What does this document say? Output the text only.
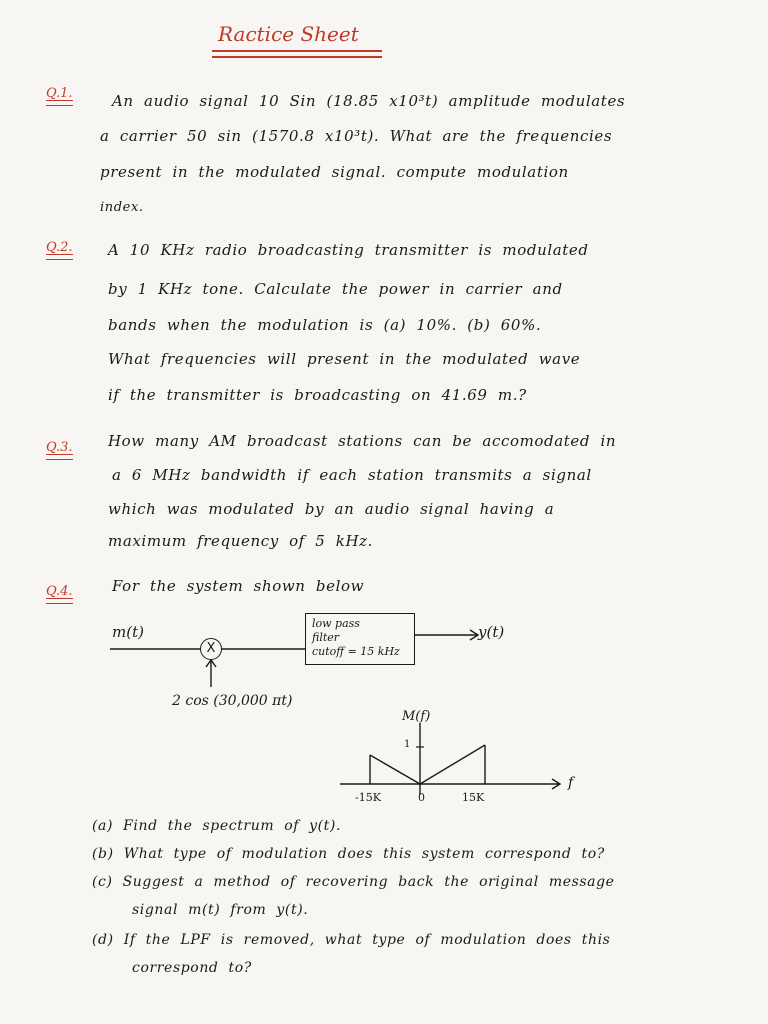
Ractice Sheet
Q.1.	An audio signal 10 Sin (18.85 x10³t) amplitude modulates
a carrier 50 sin (1570.8 x10³t). What are the frequencies
present in the modulated signal. compute modulation
index.
Q.2. A 10 KHz radio broadcasting transmitter is modulated
by 1 KHz tone. Calculate the power in carrier and
bands when the modulation is (a) 10%. (b) 60%.
What frequencies will present in the modulated wave
if the transmitter is broadcasting on 41.69 m.?
Q.3. How many AM broadcast stations can be accomodated in
a 6 MHz bandwidth if each station transmits a signal
which was modulated by an audio signal having a
maximum frequency of 5 kHz.
Q.4.	For the system shown below
m(t)
X
low pass
filter
cutoff = 15 kHz
y(t)
2 cos (30,000 πt)
M(f)
1
f
-15K	0	15K
(a) Find the spectrum of y(t).
(b) What type of modulation does this system correspond to?
(c) Suggest a method of recovering back the original message
signal m(t) from y(t).
(d) If the LPF is removed, what type of modulation does this
correspond to?
